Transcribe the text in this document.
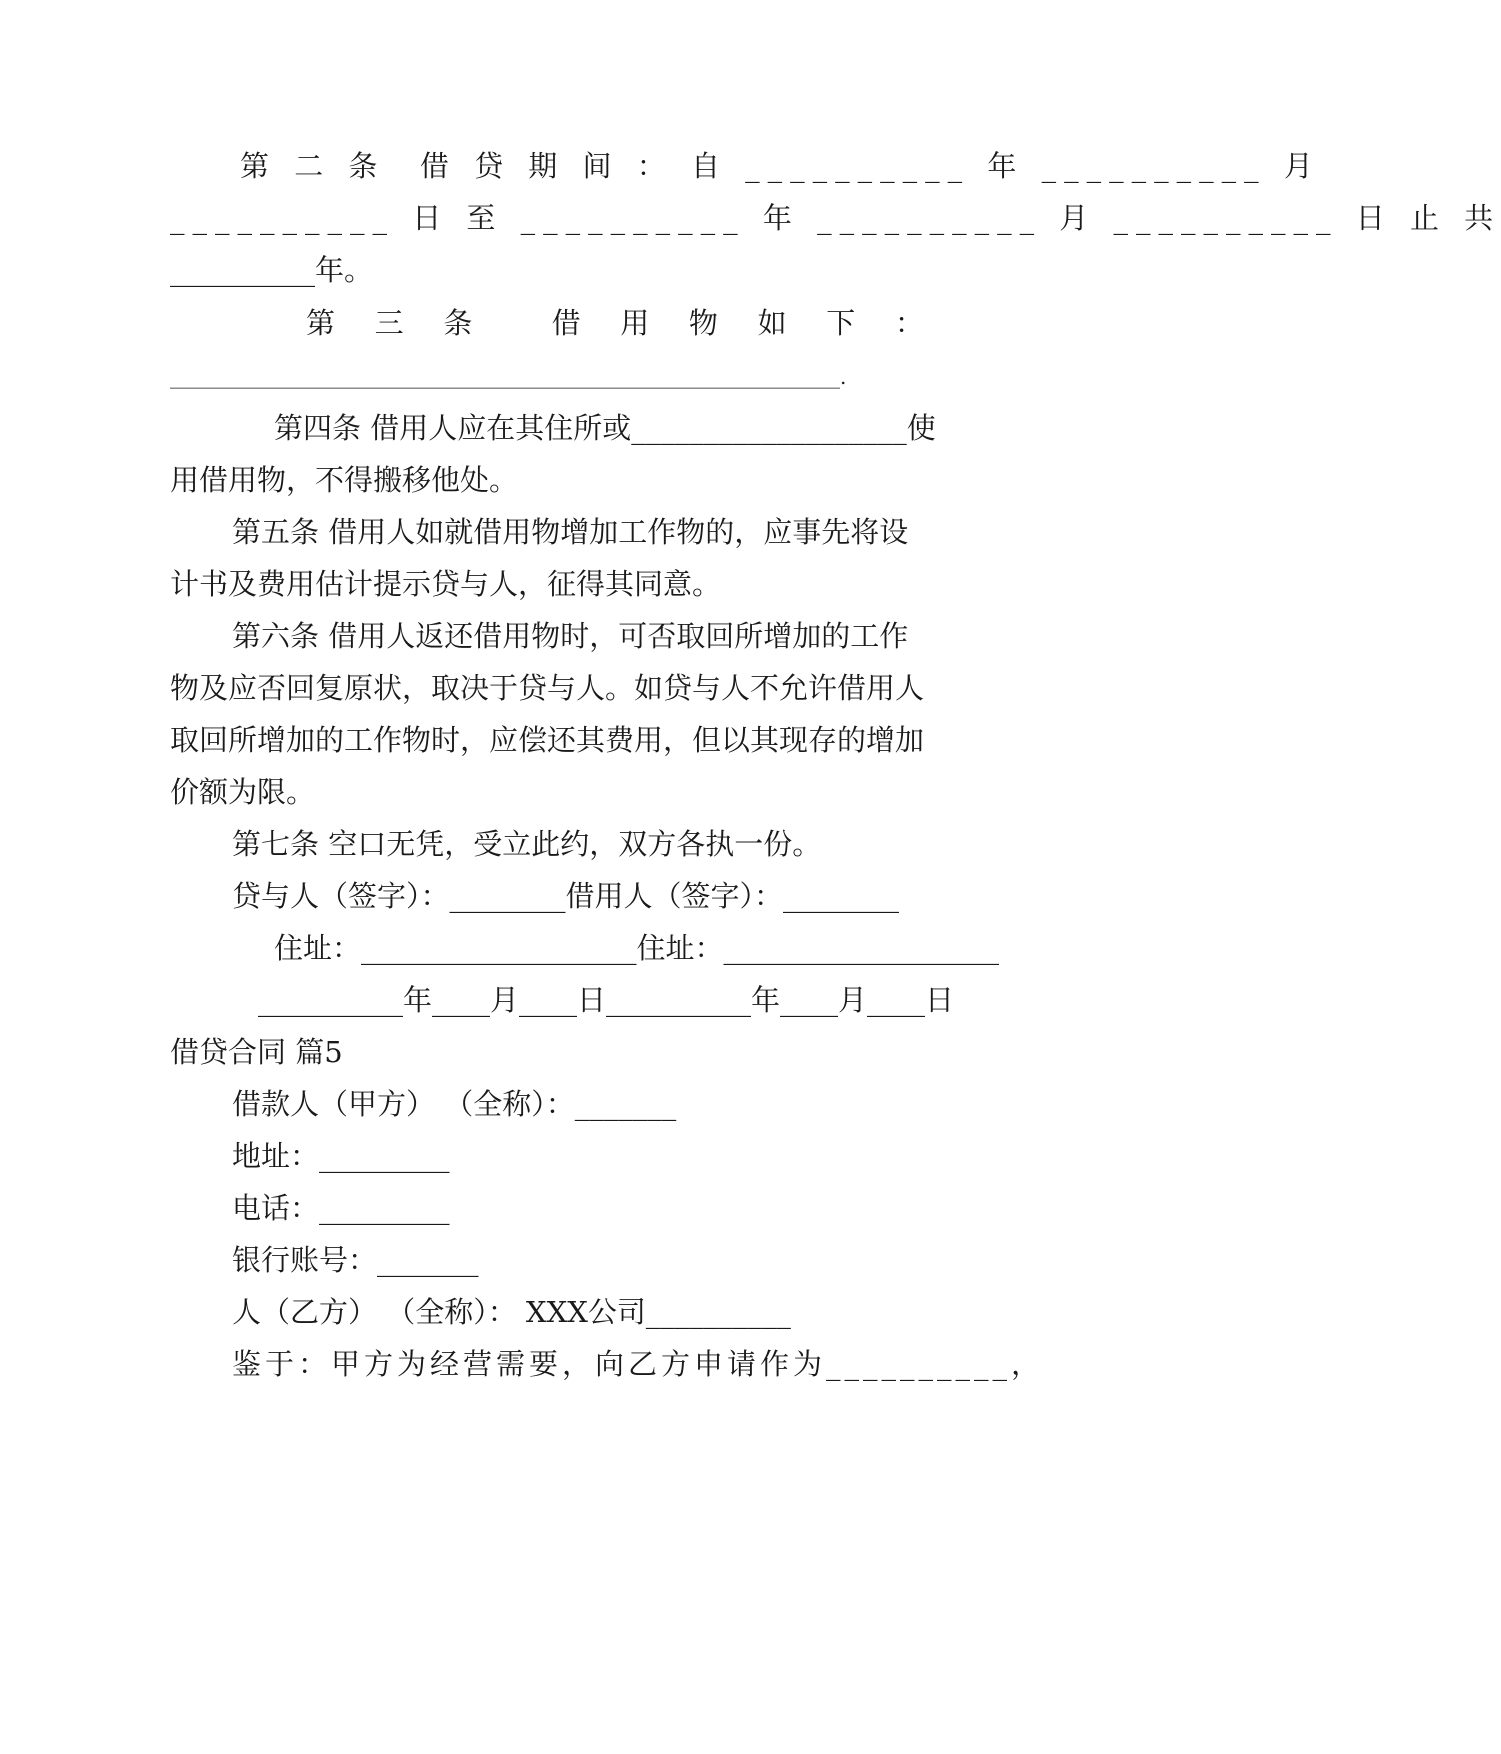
第 二 条  借 贷 期 间 ： 自 __________ 年 __________ 月

__________ 日 至 __________ 年 __________ 月 __________ 日 止 共

__________年。

第 三 条	借 用 物 如 下 ：

___________________________________________________________________.

第四条 借用人应在其住所或___________________使

用借用物，不得搬移他处。

第五条 借用人如就借用物增加工作物的，应事先将设

计书及费用估计提示贷与人，征得其同意。

第六条 借用人返还借用物时，可否取回所增加的工作

物及应否回复原状，取决于贷与人。如贷与人不允许借用人

取回所增加的工作物时，应偿还其费用，但以其现存的增加

价额为限。

第七条 空口无凭，受立此约，双方各执一份。

贷与人（签字）：________借用人（签字）：________

住址：___________________住址：___________________

__________年____月____日__________年____月____日

借贷合同 篇5

借款人（甲方） （全称）：_______

地址：_________

电话：_________

银行账号：_______

人（乙方） （全称）： XXX公司__________

鉴于：甲方为经营需要，向乙方申请作为__________，
